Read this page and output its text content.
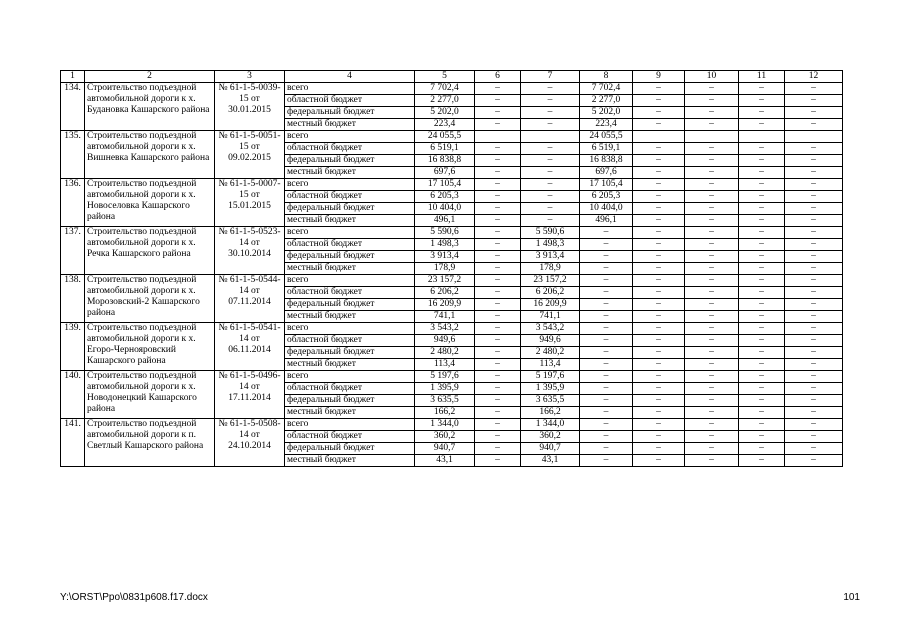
1	2	3	4	5	6	7	8	9	10	11	12
134.	Строительство подъездной автомобильной дороги к х. Будановка Кашарского района	№ 61-1-5-0039-15 от 30.01.2015	всего	7 702,4	–	–	7 702,4	–	–	–	–
			областной бюджет	2 277,0	–	–	2 277,0	–	–	–	–
			федеральный бюджет	5 202,0	–	–	5 202,0	–	–	–	–
			местный бюджет	223,4	–	–	223,4	–	–	–	–
135.	Строительство подъездной автомобильной дороги к х. Вишневка Кашарского района	№ 61-1-5-0051-15 от 09.02.2015	всего	24 055,5			24 055,5				
			областной бюджет	6 519,1	–	–	6 519,1	–	–	–	–
			федеральный бюджет	16 838,8	–	–	16 838,8	–	–	–	–
			местный бюджет	697,6	–	–	697,6	–	–	–	–
136.	Строительство подъездной автомобильной дороги к х. Новоселовка Кашарского района	№ 61-1-5-0007-15 от 15.01.2015	всего	17 105,4	–	–	17 105,4	–	–	–	–
			областной бюджет	6 205,3	–	–	6 205,3	–	–	–	–
			федеральный бюджет	10 404,0	–	–	10 404,0	–	–	–	–
			местный бюджет	496,1	–	–	496,1	–	–	–	–
137.	Строительство подъездной автомобильной дороги к х. Речка Кашарского района	№ 61-1-5-0523-14 от 30.10.2014	всего	5 590,6	–	5 590,6	–	–	–	–	–
			областной бюджет	1 498,3	–	1 498,3	–	–	–	–	–
			федеральный бюджет	3 913,4	–	3 913,4	–	–	–	–	–
			местный бюджет	178,9	–	178,9	–	–	–	–	–
138.	Строительство подъездной автомобильной дороги к х. Морозовский-2 Кашарского района	№ 61-1-5-0544-14 от 07.11.2014	всего	23 157,2	–	23 157,2	–	–	–	–	–
			областной бюджет	6 206,2	–	6 206,2	–	–	–	–	–
			федеральный бюджет	16 209,9	–	16 209,9	–	–	–	–	–
			местный бюджет	741,1	–	741,1	–	–	–	–	–
139.	Строительство подъездной автомобильной дороги к х. Егоро-Чернояровский Кашарского района	№ 61-1-5-0541-14 от 06.11.2014	всего	3 543,2	–	3 543,2	–	–	–	–	–
			областной бюджет	949,6	–	949,6	–	–	–	–	–
			федеральный бюджет	2 480,2	–	2 480,2	–	–	–	–	–
			местный бюджет	113,4	–	113,4	–	–	–	–	–
140.	Строительство подъездной автомобильной дороги к х. Новодонецкий Кашарского района	№ 61-1-5-0496-14 от 17.11.2014	всего	5 197,6	–	5 197,6	–	–	–	–	–
			областной бюджет	1 395,9	–	1 395,9	–	–	–	–	–
			федеральный бюджет	3 635,5	–	3 635,5	–	–	–	–	–
			местный бюджет	166,2	–	166,2	–	–	–	–	–
141.	Строительство подъездной автомобильной дороги к п. Светлый Кашарского района	№ 61-1-5-0508-14 от 24.10.2014	всего	1 344,0	–	1 344,0	–	–	–	–	–
			областной бюджет	360,2	–	360,2	–	–	–	–	–
			федеральный бюджет	940,7	–	940,7	–	–	–	–	–
			местный бюджет	43,1	–	43,1	–	–	–	–	–
Y:\ORST\Ppo\0831p608.f17.docx	101
